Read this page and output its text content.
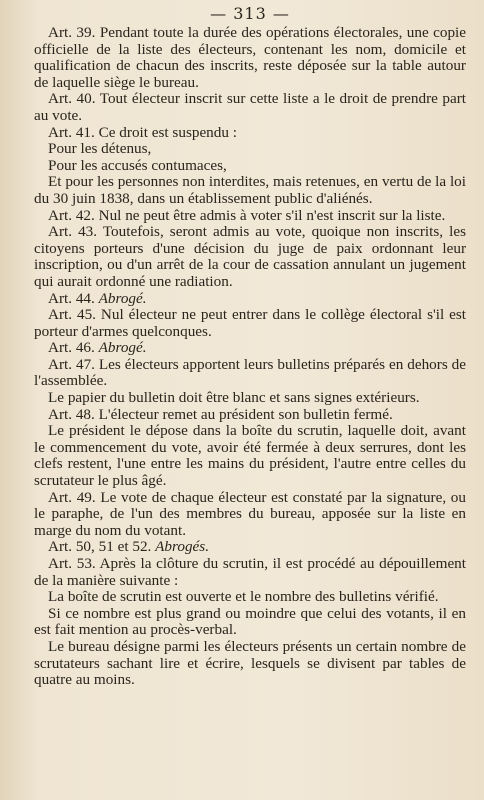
— 313 —

Art. 39. Pendant toute la durée des opérations électorales, une copie officielle de la liste des électeurs, contenant les nom, domicile et qualification de chacun des inscrits, reste déposée sur la table autour de laquelle siège le bureau.

Art. 40. Tout électeur inscrit sur cette liste a le droit de prendre part au vote.

Art. 41. Ce droit est suspendu :

Pour les détenus,

Pour les accusés contumaces,

Et pour les personnes non interdites, mais retenues, en vertu de la loi du 30 juin 1838, dans un établissement public d'aliénés.

Art. 42. Nul ne peut être admis à voter s'il n'est inscrit sur la liste.

Art. 43. Toutefois, seront admis au vote, quoique non inscrits, les citoyens porteurs d'une décision du juge de paix ordonnant leur inscription, ou d'un arrêt de la cour de cassation annulant un jugement qui aurait ordonné une radiation.

Art. 44. Abrogé.

Art. 45. Nul électeur ne peut entrer dans le collège électoral s'il est porteur d'armes quelconques.

Art. 46. Abrogé.

Art. 47. Les électeurs apportent leurs bulletins préparés en dehors de l'assemblée.

Le papier du bulletin doit être blanc et sans signes extérieurs.

Art. 48. L'électeur remet au président son bulletin fermé.

Le président le dépose dans la boîte du scrutin, laquelle doit, avant le commencement du vote, avoir été fermée à deux serrures, dont les clefs restent, l'une entre les mains du président, l'autre entre celles du scrutateur le plus âgé.

Art. 49. Le vote de chaque électeur est constaté par la signature, ou le paraphe, de l'un des membres du bureau, apposée sur la liste en marge du nom du votant.

Art. 50, 51 et 52. Abrogés.

Art. 53. Après la clôture du scrutin, il est procédé au dépouillement de la manière suivante :

La boîte de scrutin est ouverte et le nombre des bulletins vérifié.

Si ce nombre est plus grand ou moindre que celui des votants, il en est fait mention au procès-verbal.

Le bureau désigne parmi les électeurs présents un certain nombre de scrutateurs sachant lire et écrire, lesquels se divisent par tables de quatre au moins.
